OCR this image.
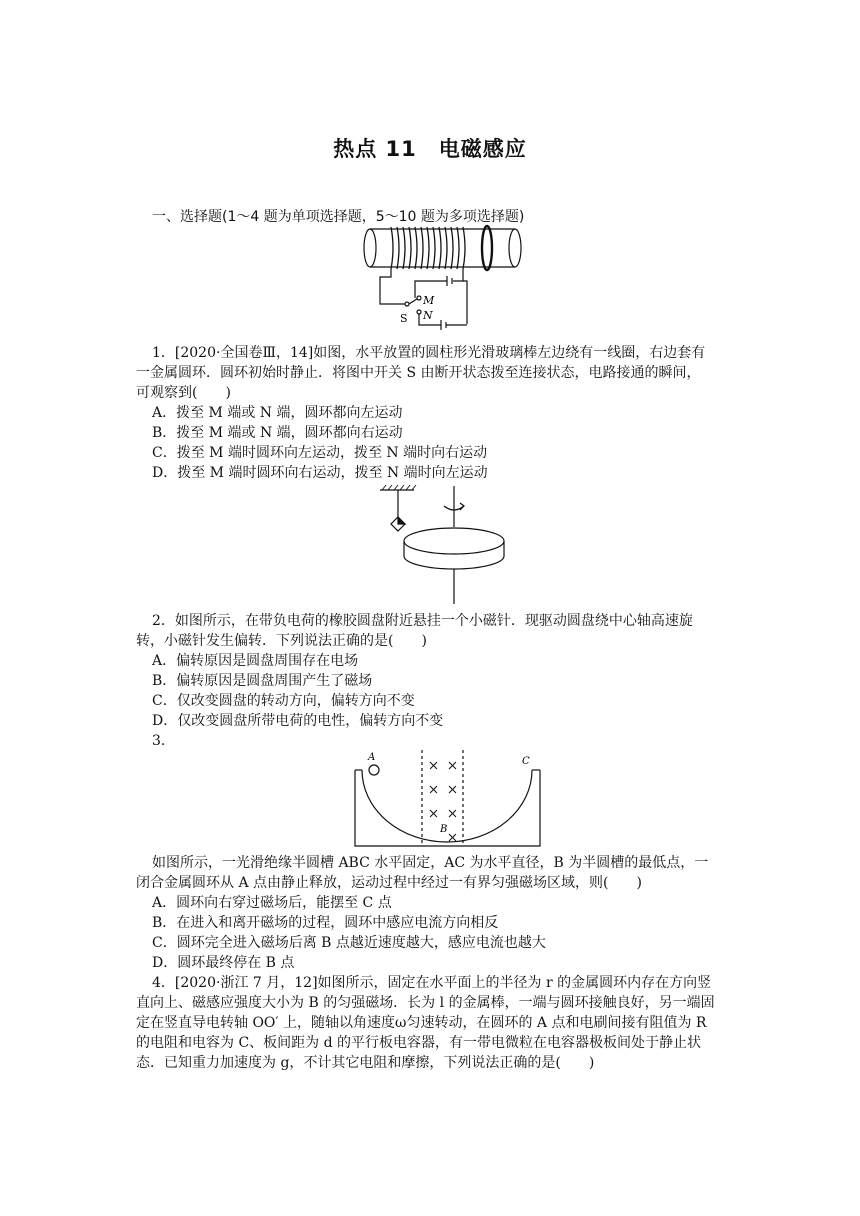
热点 11　电磁感应
一、选择题(1～4 题为单项选择题，5～10 题为多项选择题)
M
N
S
1．[2020·全国卷Ⅲ，14]如图，水平放置的圆柱形光滑玻璃棒左边绕有一线圈，右边套有
一金属圆环．圆环初始时静止．将图中开关 S 由断开状态拨至连接状态，电路接通的瞬间，
可观察到(　　)
A．拨至 M 端或 N 端，圆环都向左运动
B．拨至 M 端或 N 端，圆环都向右运动
C．拨至 M 端时圆环向左运动，拨至 N 端时向右运动
D．拨至 M 端时圆环向右运动，拨至 N 端时向左运动
2．如图所示，在带负电荷的橡胶圆盘附近悬挂一个小磁针．现驱动圆盘绕中心轴高速旋
转，小磁针发生偏转．下列说法正确的是(　　)
A．偏转原因是圆盘周围存在电场
B．偏转原因是圆盘周围产生了磁场
C．仅改变圆盘的转动方向，偏转方向不变
D．仅改变圆盘所带电荷的电性，偏转方向不变
3.
A
B
C
如图所示，一光滑绝缘半圆槽 ABC 水平固定，AC 为水平直径，B 为半圆槽的最低点，一
闭合金属圆环从 A 点由静止释放，运动过程中经过一有界匀强磁场区域，则(　　)
A．圆环向右穿过磁场后，能摆至 C 点
B．在进入和离开磁场的过程，圆环中感应电流方向相反
C．圆环完全进入磁场后离 B 点越近速度越大，感应电流也越大
D．圆环最终停在 B 点
4．[2020·浙江 7 月，12]如图所示，固定在水平面上的半径为 r 的金属圆环内存在方向竖
直向上、磁感应强度大小为 B 的匀强磁场．长为 l 的金属棒，一端与圆环接触良好，另一端固
定在竖直导电转轴 OO′ 上，随轴以角速度ω匀速转动，在圆环的 A 点和电刷间接有阻值为 R
的电阻和电容为 C、板间距为 d 的平行板电容器，有一带电微粒在电容器极板间处于静止状
态．已知重力加速度为 g，不计其它电阻和摩擦，下列说法正确的是(　　)
